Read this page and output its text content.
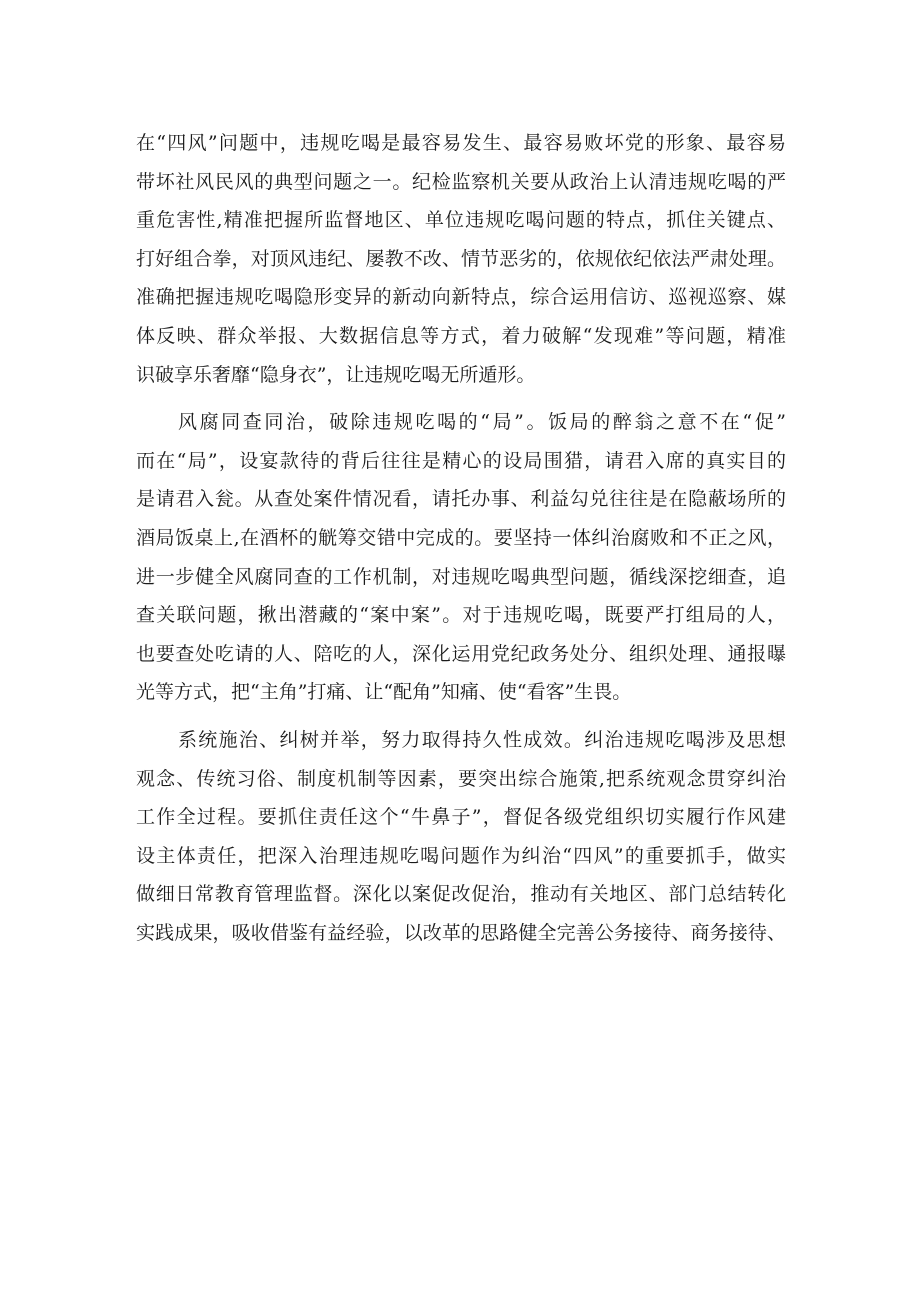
在“四风”问题中，违规吃喝是最容易发生、最容易败坏党的形象、最容易
带坏社风民风的典型问题之一。纪检监察机关要从政治上认清违规吃喝的严
重危害性,精准把握所监督地区、单位违规吃喝问题的特点，抓住关键点、
打好组合拳，对顶风违纪、屡教不改、情节恶劣的，依规依纪依法严肃处理。
准确把握违规吃喝隐形变异的新动向新特点，综合运用信访、巡视巡察、媒
体反映、群众举报、大数据信息等方式，着力破解“发现难”等问题，精准
识破享乐奢靡“隐身衣”，让违规吃喝无所遁形。
风腐同查同治，破除违规吃喝的“局”。饭局的醉翁之意不在“促”
而在“局”，设宴款待的背后往往是精心的设局围猎，请君入席的真实目的
是请君入瓮。从查处案件情况看，请托办事、利益勾兑往往是在隐蔽场所的
酒局饭桌上,在酒杯的觥筹交错中完成的。要坚持一体纠治腐败和不正之风，
进一步健全风腐同查的工作机制，对违规吃喝典型问题，循线深挖细查，追
查关联问题，揪出潜藏的“案中案”。对于违规吃喝，既要严打组局的人，
也要查处吃请的人、陪吃的人，深化运用党纪政务处分、组织处理、通报曝
光等方式，把“主角”打痛、让“配角”知痛、使“看客”生畏。
系统施治、纠树并举，努力取得持久性成效。纠治违规吃喝涉及思想
观念、传统习俗、制度机制等因素，要突出综合施策,把系统观念贯穿纠治
工作全过程。要抓住责任这个“牛鼻子”，督促各级党组织切实履行作风建
设主体责任，把深入治理违规吃喝问题作为纠治“四风”的重要抓手，做实
做细日常教育管理监督。深化以案促改促治，推动有关地区、部门总结转化
实践成果，吸收借鉴有益经验，以改革的思路健全完善公务接待、商务接待、
